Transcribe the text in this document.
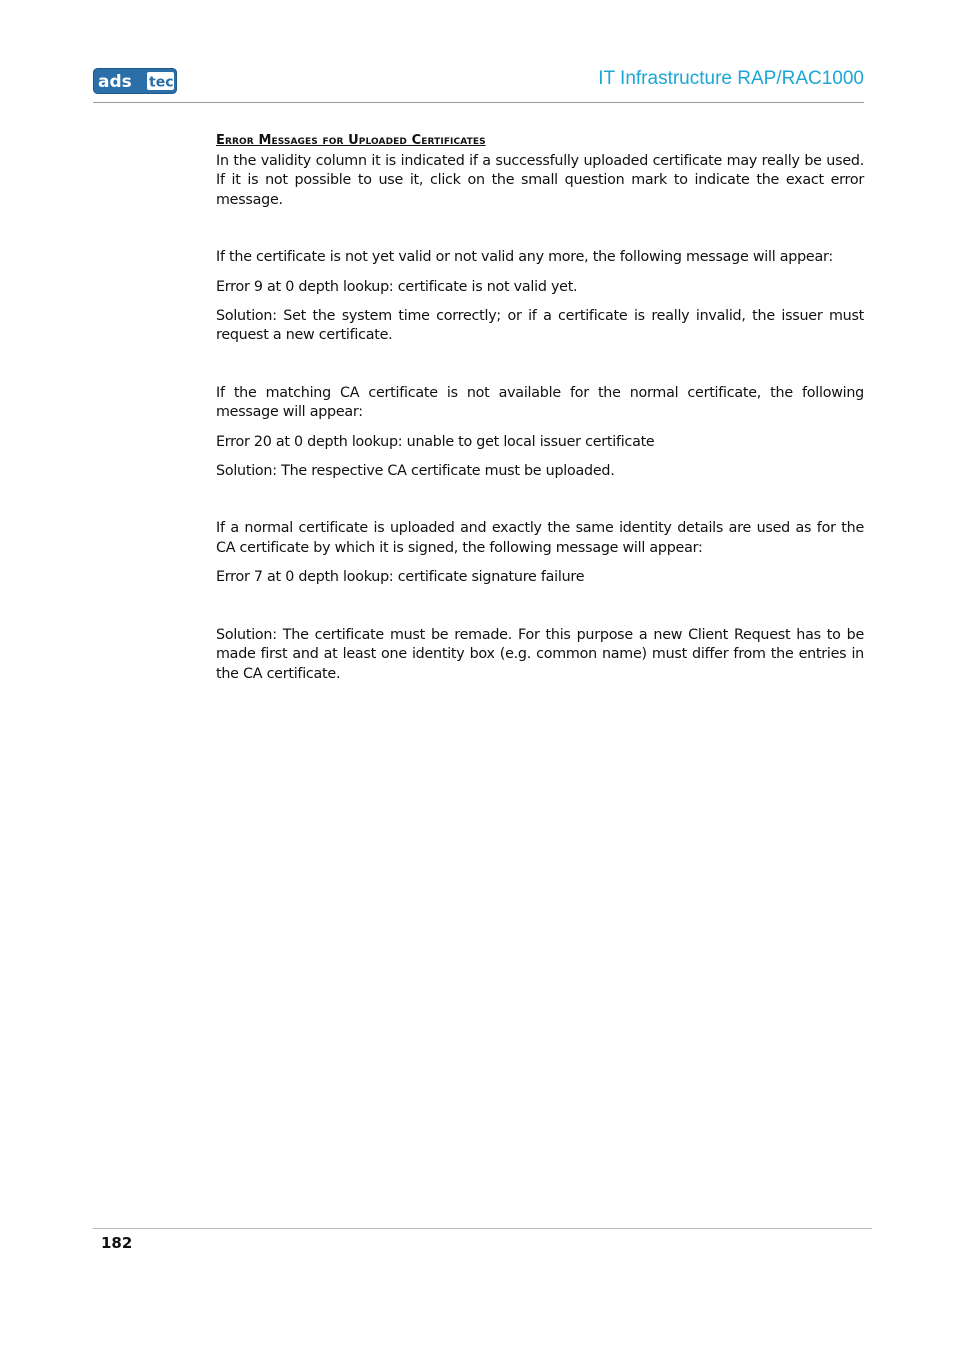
ads tec	IT Infrastructure RAP/RAC1000
Error Messages for Uploaded Certificates

In the validity column it is indicated if a successfully uploaded certificate may really be used. If it is not possible to use it, click on the small question mark to indicate the exact error message.

If the certificate is not yet valid or not valid any more, the following message will appear:

Error 9 at 0 depth lookup: certificate is not valid yet.

Solution: Set the system time correctly; or if a certificate is really invalid, the issuer must request a new certificate.

If the matching CA certificate is not available for the normal certificate, the following message will appear:

Error 20 at 0 depth lookup: unable to get local issuer certificate

Solution: The respective CA certificate must be uploaded.

If a normal certificate is uploaded and exactly the same identity details are used as for the CA certificate by which it is signed, the following message will appear:

Error 7 at 0 depth lookup: certificate signature failure

Solution: The certificate must be remade. For this purpose a new Client Request has to be made first and at least one identity box (e.g. common name) must differ from the entries in the CA certificate.

182
